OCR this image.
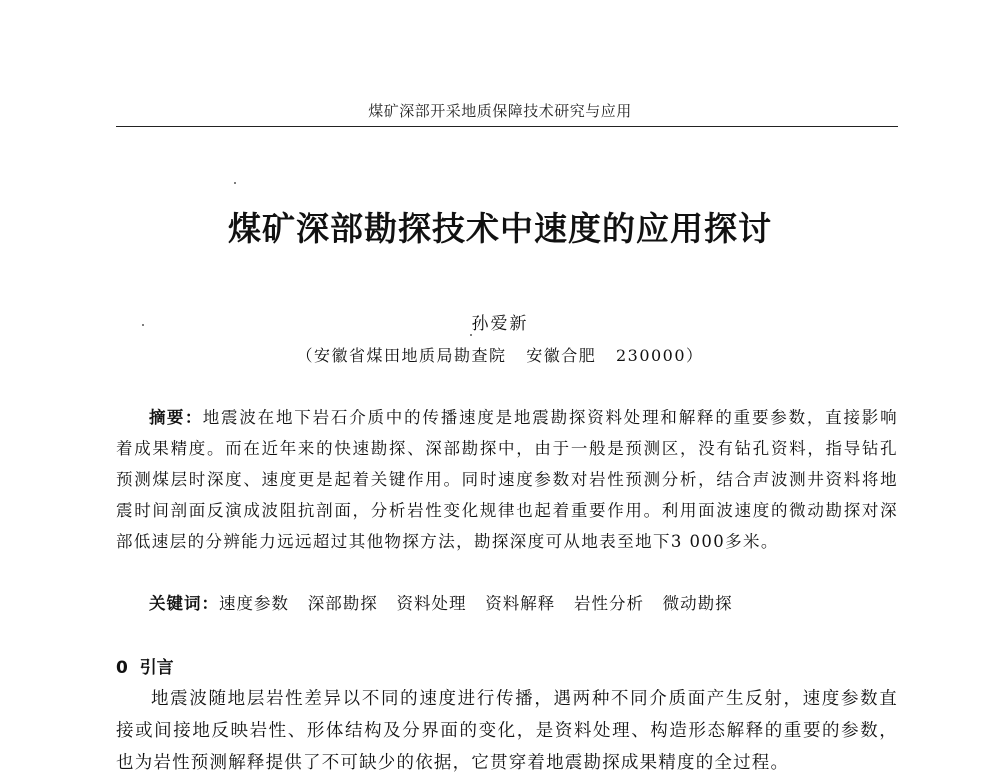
煤矿深部开采地质保障技术研究与应用
煤矿深部勘探技术中速度的应用探讨
孙爱新
（安徽省煤田地质局勘查院   安徽合肥   230000）

摘要：地震波在地下岩石介质中的传播速度是地震勘探资料处理和解释的重要参数，直接影响着成果精度。而在近年来的快速勘探、深部勘探中，由于一般是预测区，没有钻孔资料，指导钻孔预测煤层时深度、速度更是起着关键作用。同时速度参数对岩性预测分析，结合声波测井资料将地震时间剖面反演成波阻抗剖面，分析岩性变化规律也起着重要作用。利用面波速度的微动勘探对深部低速层的分辨能力远远超过其他物探方法，勘探深度可从地表至地下3 000多米。

关键词：速度参数   深部勘探   资料处理   资料解释   岩性分析   微动勘探
0 引言

地震波随地层岩性差异以不同的速度进行传播，遇两种不同介质面产生反射，速度参数直接或间接地反映岩性、形体结构及分界面的变化，是资料处理、构造形态解释的重要的参数，也为岩性预测解释提供了不可缺少的依据，它贯穿着地震勘探成果精度的全过程。
